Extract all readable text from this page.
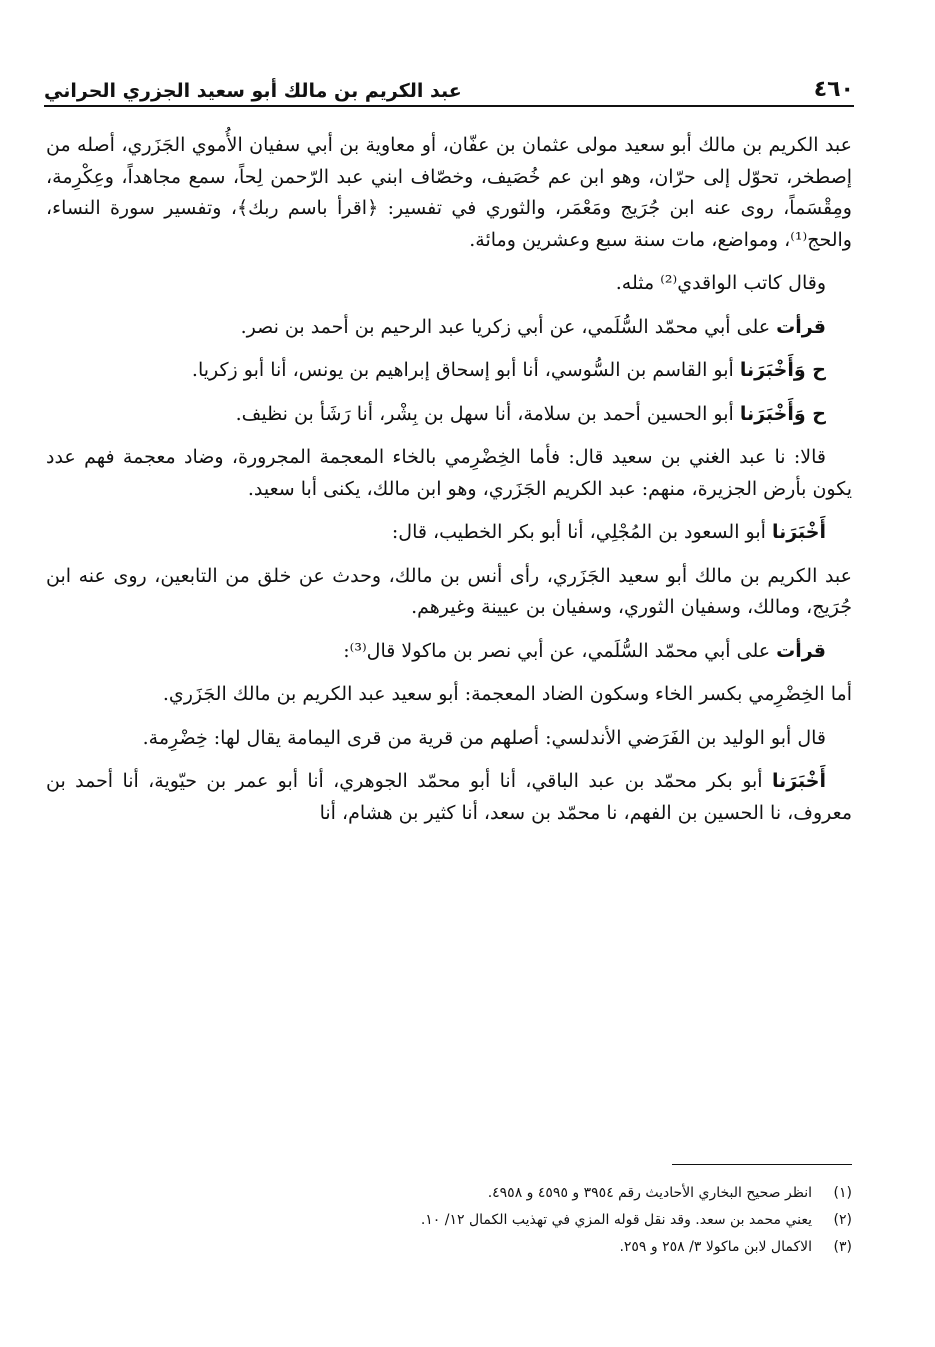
٤٦٠
عبد الكريم بن مالك أبو سعيد الجزري الحراني

عبد الكريم بن مالك أبو سعيد مولى عثمان بن عفّان، أو معاوية بن أبي سفيان الأُموي الجَزَري، أصله من إصطخر، تحوّل إلى حرّان، وهو ابن عم خُصَيف، وخصّاف ابني عبد الرّحمن لِحاً، سمع مجاهداً، وعِكْرِمة، ومِقْسَماً، روى عنه ابن جُرَيج ومَعْمَر، والثوري في تفسير: ﴿اقرأ باسم ربك﴾، وتفسير سورة النساء، والحج⁽¹⁾، ومواضع، مات سنة سبع وعشرين ومائة.

وقال كاتب الواقدي⁽²⁾ مثله.

قرأت على أبي محمّد السُّلَمي، عن أبي زكريا عبد الرحيم بن أحمد بن نصر.

ح وَأَخْبَرَنا أبو القاسم بن السُّوسي، أنا أبو إسحاق إبراهيم بن يونس، أنا أبو زكريا.

ح وَأَخْبَرَنا أبو الحسين أحمد بن سلامة، أنا سهل بن بِشْر، أنا رَشَأ بن نظيف.

قالا: نا عبد الغني بن سعيد قال: فأما الخِضْرِمي بالخاء المعجمة المجرورة، وضاد معجمة فهم عدد يكون بأرض الجزيرة، منهم: عبد الكريم الجَزَري، وهو ابن مالك، يكنى أبا سعيد.

أَخْبَرَنا أبو السعود بن المُجْلِي، أنا أبو بكر الخطيب، قال:

عبد الكريم بن مالك أبو سعيد الجَزَري، رأى أنس بن مالك، وحدث عن خلق من التابعين، روى عنه ابن جُرَيج، ومالك، وسفيان الثوري، وسفيان بن عيينة وغيرهم.

قرأت على أبي محمّد السُّلَمي، عن أبي نصر بن ماكولا قال⁽³⁾:

أما الخِضْرِمي بكسر الخاء وسكون الضاد المعجمة: أبو سعيد عبد الكريم بن مالك الجَزَري.

قال أبو الوليد بن الفَرَضي الأندلسي: أصلهم من قرية من قرى اليمامة يقال لها: خِضْرِمة.

أَخْبَرَنا أبو بكر محمّد بن عبد الباقي، أنا أبو محمّد الجوهري، أنا أبو عمر بن حيّوية، أنا أحمد بن معروف، نا الحسين بن الفهم، نا محمّد بن سعد، أنا كثير بن هشام، أنا

(١)انظر صحيح البخاري الأحاديث رقم ٣٩٥٤ و ٤٥٩٥ و ٤٩٥٨.
(٢)يعني محمد بن سعد. وقد نقل قوله المزي في تهذيب الكمال ١٢/ ١٠.
(٣)الاكمال لابن ماكولا ٣/ ٢٥٨ و ٢٥٩.
